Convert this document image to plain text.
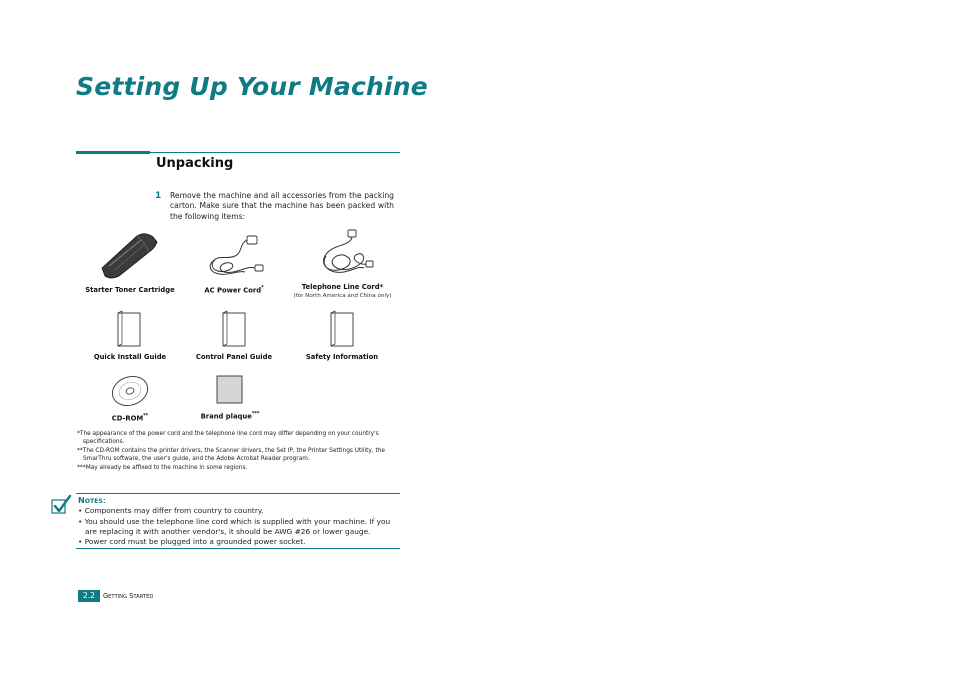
Setting Up Your Machine
Unpacking
1 Remove the machine and all accessories from the packing carton. Make sure that the machine has been packed with the following items:
Starter Toner Cartridge	AC Power Cord*	Telephone Line Cord*
(for North America and China only)
Quick Install Guide	Control Panel Guide	Safety Information
CD-ROM**	Brand plaque***
*The appearance of the power cord and the telephone line cord may differ depending on your country's specifications.
**The CD-ROM contains the printer drivers, the Scanner drivers, the Set IP, the Printer Settings Utility, the SmarThru software, the user's guide, and the Adobe Acrobat Reader program.
***May already be affixed to the machine in some regions.
NOTES:
• Components may differ from country to country.
• You should use the telephone line cord which is supplied with your machine. If you are replacing it with another vendor's, it should be AWG #26 or lower gauge.
• Power cord must be plugged into a grounded power socket.
2.2	GETTING STARTED
